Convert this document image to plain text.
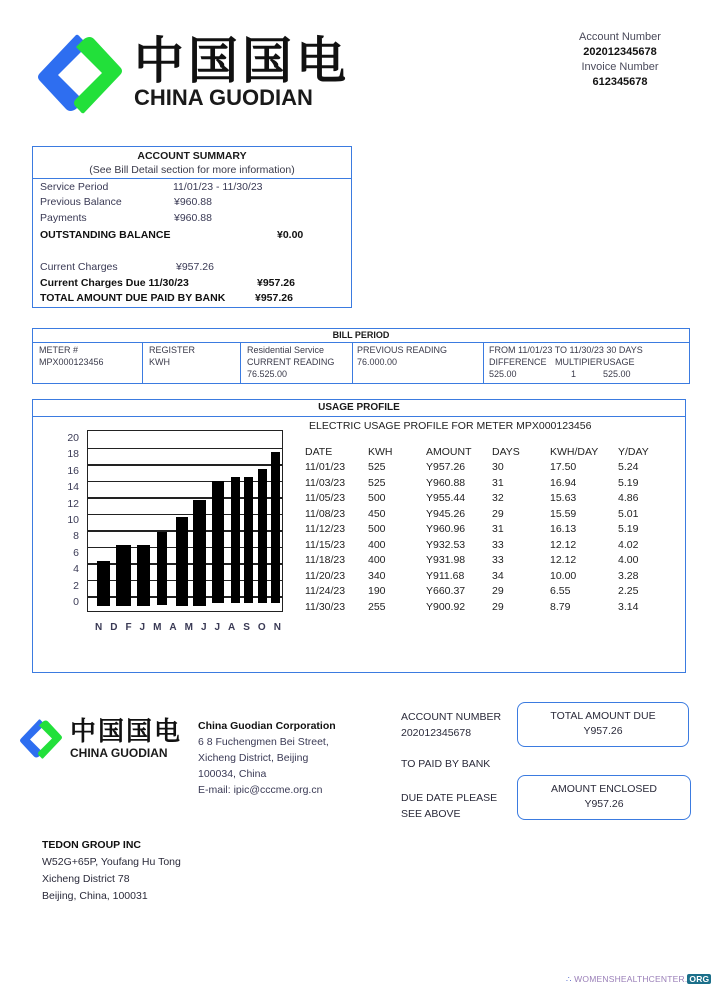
中国国电
CHINA GUODIAN
Account Number
202012345678
Invoice Number
612345678
ACCOUNT SUMMARY
(See Bill Detail section for more information)
Service Period	11/01/23 - 11/30/23
Previous Balance	¥960.88
Payments	¥960.88
OUTSTANDING BALANCE	¥0.00
Current Charges	¥957.26
Current Charges Due 11/30/23	¥957.26
TOTAL AMOUNT DUE PAID BY BANK	¥957.26
BILL PERIOD
METER #
MPX000123456
REGISTER
KWH
Residential Service
CURRENT READING
76.525.00
PREVIOUS READING
76.000.00
FROM 11/01/23 TO 11/30/23 30 DAYS
DIFFERENCE MULTIPIER USAGE
525.00	1	525.00
USAGE PROFILE
20
18
16
14
12
10
8
6
4
2
0
N D F J M A M J J A S O N
ELECTRIC USAGE PROFILE FOR METER MPX000123456
DATE	KWH	AMOUNT	DAYS	KWH/DAY	Y/DAY
11/01/23	525	Y957.26	30	17.50	5.24
11/03/23	525	Y960.88	31	16.94	5.19
11/05/23	500	Y955.44	32	15.63	4.86
11/08/23	450	Y945.26	29	15.59	5.01
11/12/23	500	Y960.96	31	16.13	5.19
11/15/23	400	Y932.53	33	12.12	4.02
11/18/23	400	Y931.98	33	12.12	4.00
11/20/23	340	Y911.68	34	10.00	3.28
11/24/23	190	Y660.37	29	6.55	2.25
11/30/23	255	Y900.92	29	8.79	3.14
中国国电
CHINA GUODIAN
China Guodian Corporation
6 8 Fuchengmen Bei Street,
Xicheng District, Beijing
100034, China
E-mail: ipic@cccme.org.cn
ACCOUNT NUMBER
202012345678
TO PAID BY BANK
DUE DATE PLEASE
SEE ABOVE
TOTAL AMOUNT DUE
Y957.26
AMOUNT ENCLOSED
Y957.26
TEDON GROUP INC
W52G+65P, Youfang Hu Tong
Xicheng District 78
Beijing, China, 100031
∴ WOMENSHEALTHCENTER. ORG
